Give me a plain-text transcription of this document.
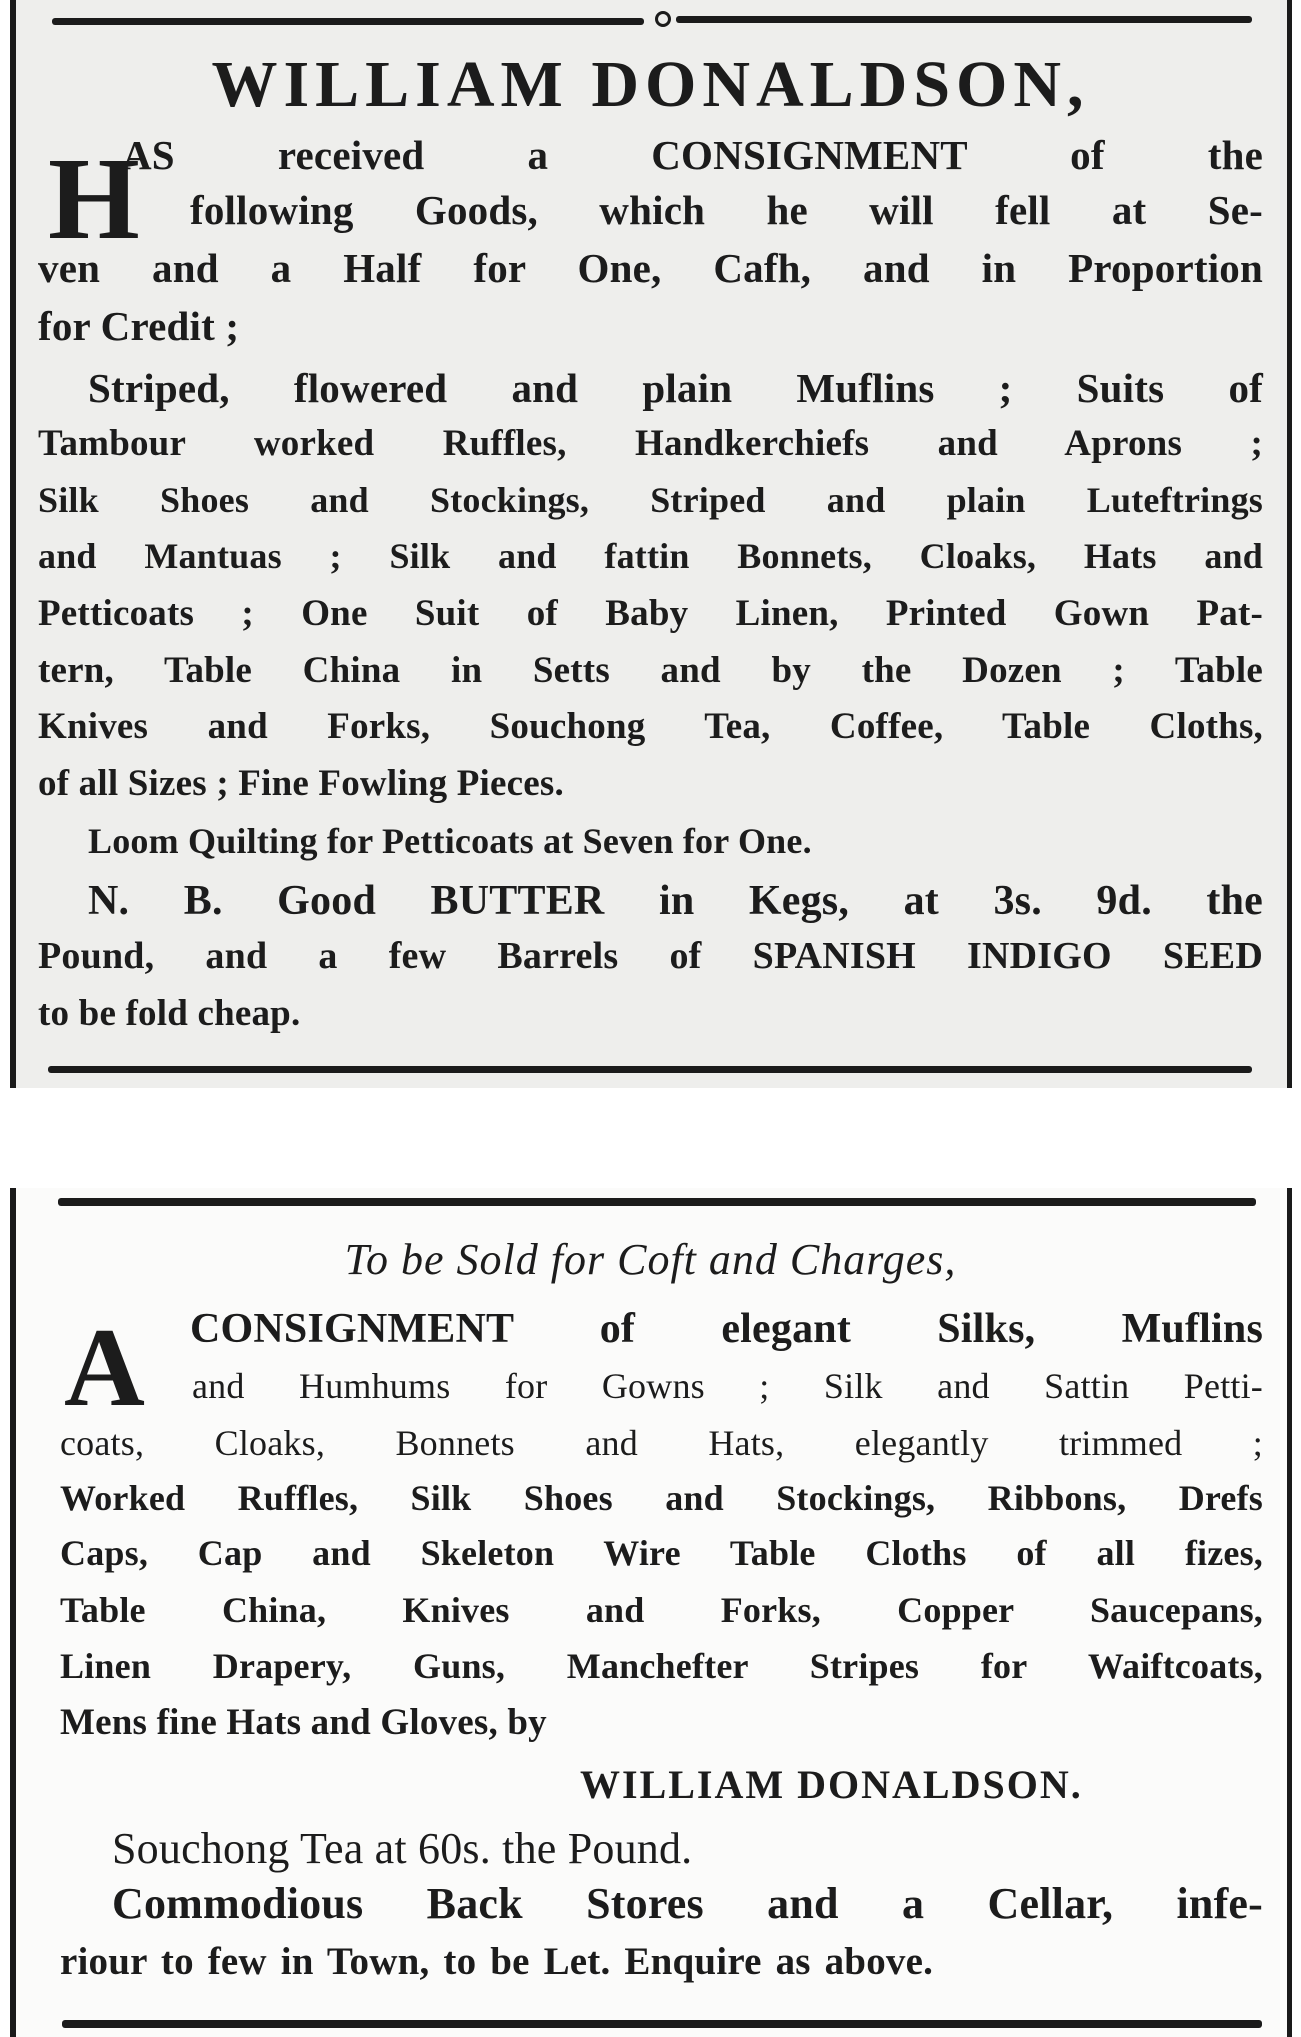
WILLIAM DONALDSON,
H
AS received a CONSIGNMENT of the
following Goods, which he will fell at Se-
ven and a Half for One, Cafh, and in Proportion
for Credit ;
Striped, flowered and plain Muflins ; Suits of
Tambour worked Ruffles, Handkerchiefs and Aprons ;
Silk Shoes and Stockings, Striped and plain Luteftrings
and Mantuas ; Silk and fattin Bonnets, Cloaks, Hats and
Petticoats ; One Suit of Baby Linen, Printed Gown Pat-
tern, Table China in Setts and by the Dozen ; Table
Knives and Forks, Souchong Tea, Coffee, Table Cloths,
of all Sizes ; Fine Fowling Pieces.
Loom Quilting for Petticoats at Seven for One.
N. B. Good BUTTER in Kegs, at 3s. 9d. the
Pound, and a few Barrels of SPANISH INDIGO SEED
to be fold cheap.
To be Sold for Coft and Charges,
A CONSIGNMENT of elegant Silks, Muflins
and Humhums for Gowns ; Silk and Sattin Petti-
coats, Cloaks, Bonnets and Hats, elegantly trimmed ;
Worked Ruffles, Silk Shoes and Stockings, Ribbons, Drefs
Caps, Cap and Skeleton Wire Table Cloths of all fizes,
Table China, Knives and Forks, Copper Saucepans,
Linen Drapery, Guns, Manchefter Stripes for Waiftcoats,
Mens fine Hats and Gloves, by
WILLIAM DONALDSON.
Souchong Tea at 60s. the Pound.
Commodious Back Stores and a Cellar, infe-
riour to few in Town, to be Let. Enquire as above.
